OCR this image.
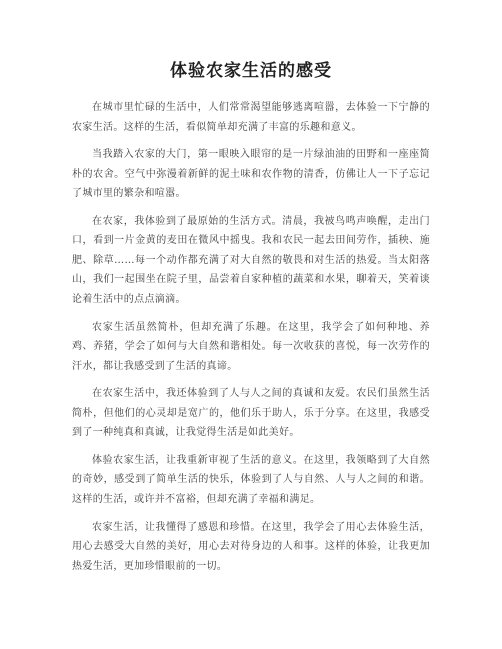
体验农家生活的感受

在城市里忙碌的生活中，人们常常渴望能够逃离喧嚣，去体验一下宁静的农家生活。这样的生活，看似简单却充满了丰富的乐趣和意义。

当我踏入农家的大门，第一眼映入眼帘的是一片绿油油的田野和一座座简朴的农舍。空气中弥漫着新鲜的泥土味和农作物的清香，仿佛让人一下子忘记了城市里的繁杂和喧嚣。

在农家，我体验到了最原始的生活方式。清晨，我被鸟鸣声唤醒，走出门口，看到一片金黄的麦田在微风中摇曳。我和农民一起去田间劳作，插秧、施肥、除草……每一个动作都充满了对大自然的敬畏和对生活的热爱。当太阳落山，我们一起围坐在院子里，品尝着自家种植的蔬菜和水果，聊着天，笑着谈论着生活中的点点滴滴。

农家生活虽然简朴，但却充满了乐趣。在这里，我学会了如何种地、养鸡、养猪，学会了如何与大自然和谐相处。每一次收获的喜悦，每一次劳作的汗水，都让我感受到了生活的真谛。

在农家生活中，我还体验到了人与人之间的真诚和友爱。农民们虽然生活简朴，但他们的心灵却是宽广的，他们乐于助人，乐于分享。在这里，我感受到了一种纯真和真诚，让我觉得生活是如此美好。

体验农家生活，让我重新审视了生活的意义。在这里，我领略到了大自然的奇妙，感受到了简单生活的快乐，体验到了人与自然、人与人之间的和谐。这样的生活，或许并不富裕，但却充满了幸福和满足。

农家生活，让我懂得了感恩和珍惜。在这里，我学会了用心去体验生活，用心去感受大自然的美好，用心去对待身边的人和事。这样的体验，让我更加热爱生活，更加珍惜眼前的一切。
